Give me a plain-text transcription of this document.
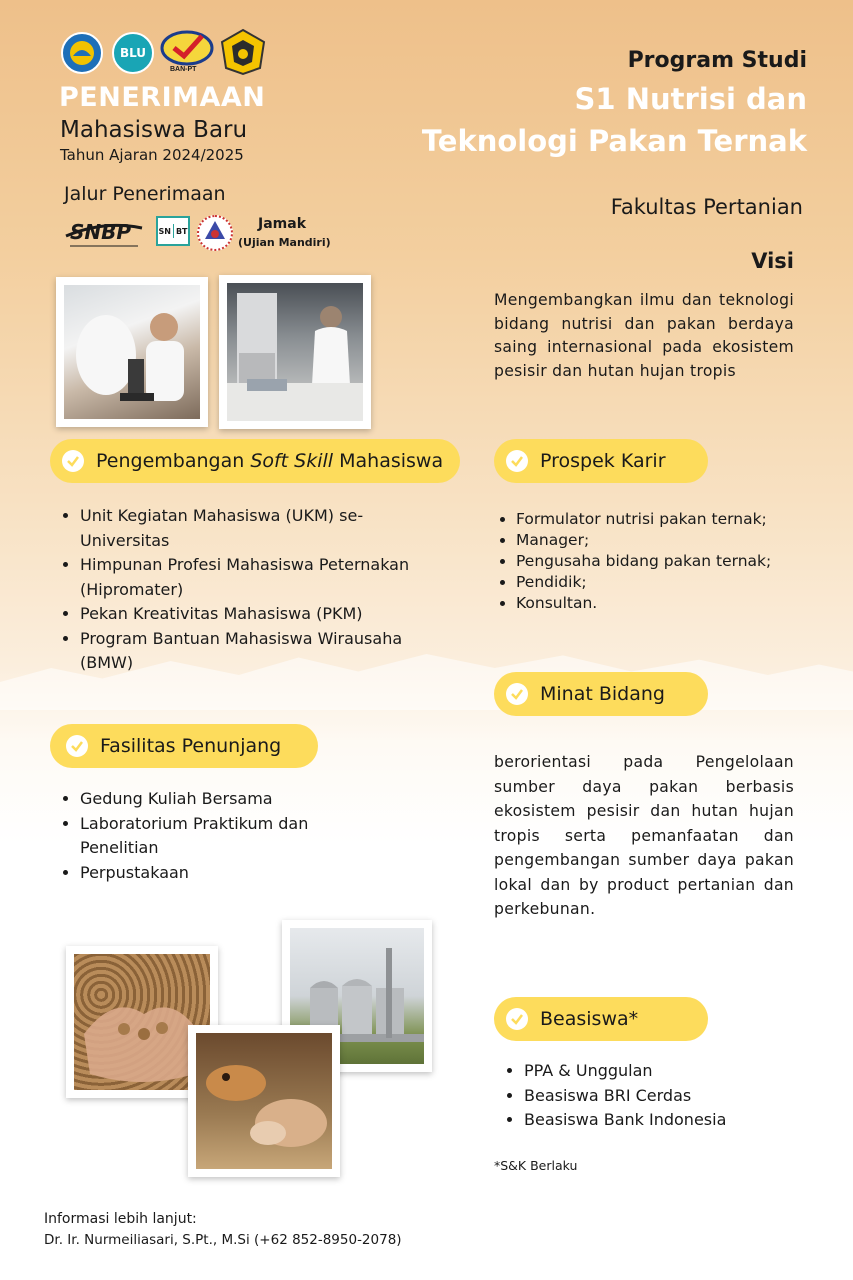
BLU
BAN-PT
PENERIMAAN
Mahasiswa Baru
Tahun Ajaran 2024/2025
Jalur Penerimaan
SNBP	SN BT	Jamak
(Ujian Mandiri)
Program Studi
S1 Nutrisi dan
Teknologi Pakan Ternak
Fakultas Pertanian
Visi
Mengembangkan ilmu dan teknologi bidang nutrisi dan pakan berdaya saing internasional pada ekosistem pesisir dan hutan hujan tropis
Pengembangan Soft Skill Mahasiswa
• Unit Kegiatan Mahasiswa (UKM) se-Universitas
• Himpunan Profesi Mahasiswa Peternakan (Hipromater)
• Pekan Kreativitas Mahasiswa (PKM)
• Program Bantuan Mahasiswa Wirausaha (BMW)
Prospek Karir
• Formulator nutrisi pakan ternak;
• Manager;
• Pengusaha bidang pakan ternak;
• Pendidik;
• Konsultan.
Minat Bidang
berorientasi pada Pengelolaan sumber daya pakan berbasis ekosistem pesisir dan hutan hujan tropis serta pemanfaatan dan pengembangan sumber daya pakan lokal dan by product pertanian dan perkebunan.
Fasilitas Penunjang
• Gedung Kuliah Bersama
• Laboratorium Praktikum dan Penelitian
• Perpustakaan
Beasiswa*
• PPA & Unggulan
• Beasiswa BRI Cerdas
• Beasiswa Bank Indonesia
*S&K Berlaku
Informasi lebih lanjut:
Dr. Ir. Nurmeiliasari, S.Pt., M.Si (+62 852-8950-2078)
